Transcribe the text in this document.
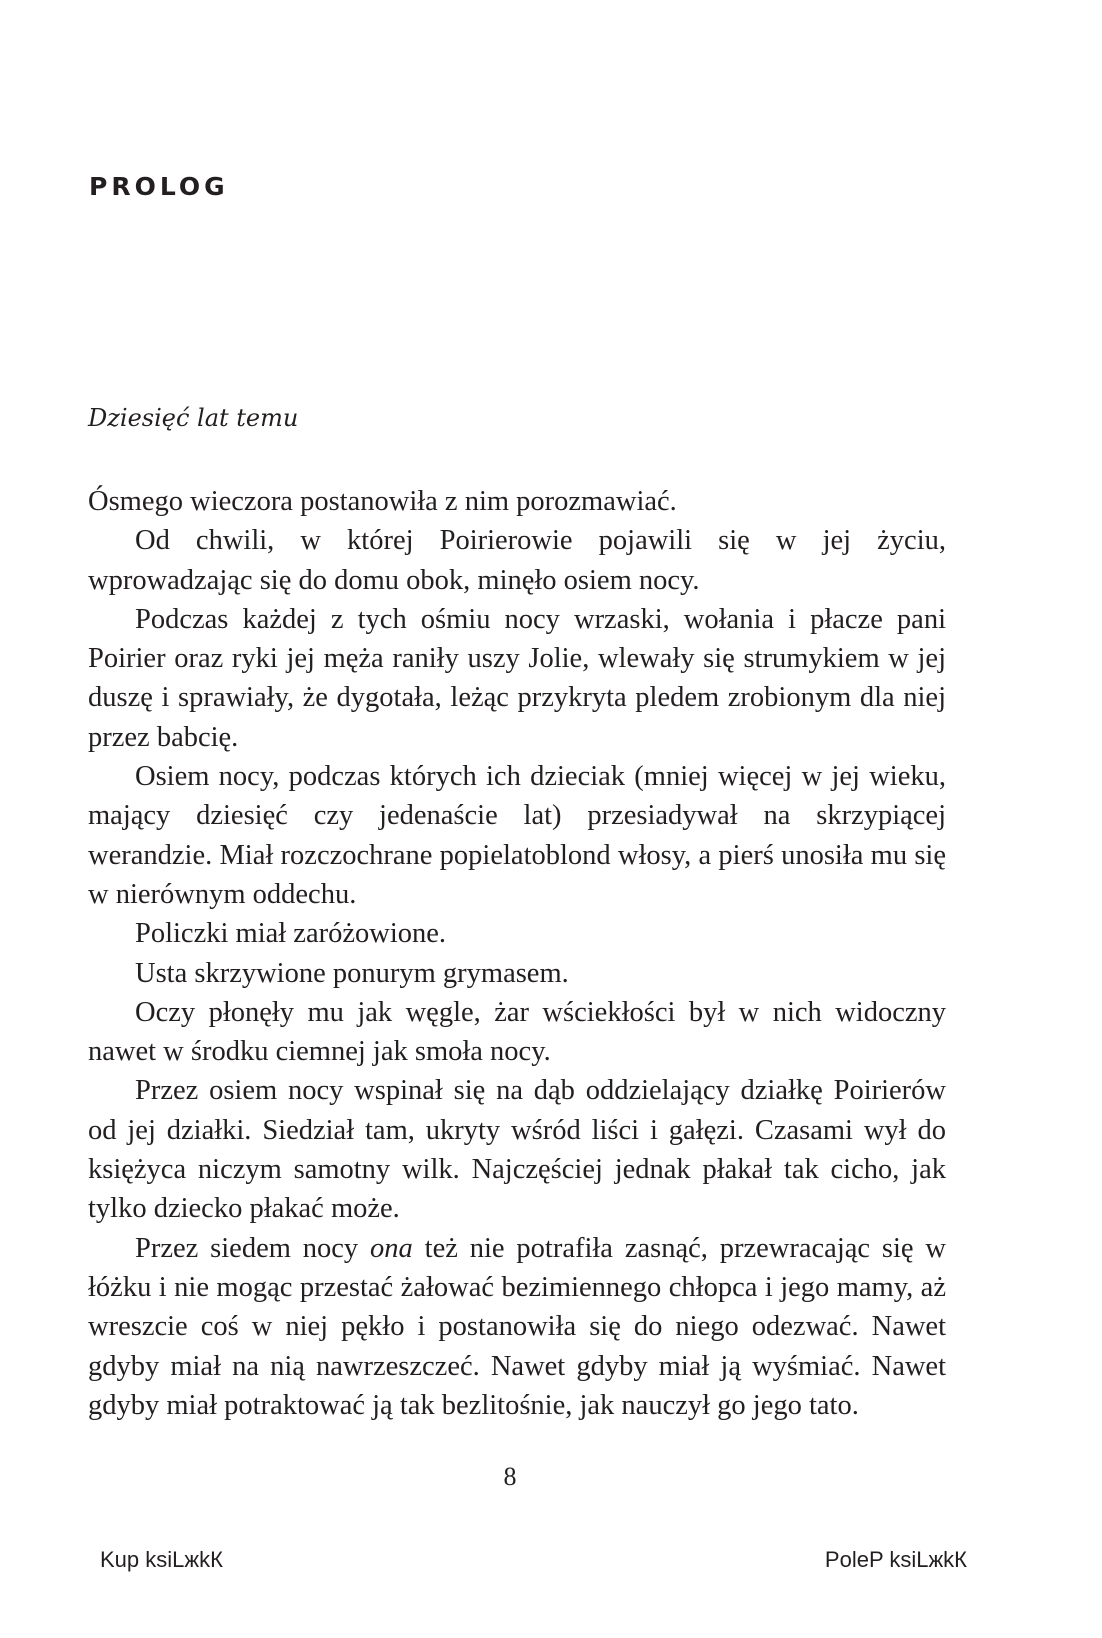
PROLOG

Dziesięć lat temu

Ósmego wieczora postanowiła z nim porozmawiać.

Od chwili, w której Poirierowie pojawili się w jej życiu, wprowadzając się do domu obok, minęło osiem nocy.

Podczas każdej z tych ośmiu nocy wrzaski, wołania i płacze pani Poirier oraz ryki jej męża raniły uszy Jolie, wlewały się strumykiem w jej duszę i sprawiały, że dygotała, leżąc przykryta pledem zrobionym dla niej przez babcię.

Osiem nocy, podczas których ich dzieciak (mniej więcej w jej wieku, mający dziesięć czy jedenaście lat) przesiadywał na skrzypiącej werandzie. Miał rozczochrane popielatoblond włosy, a pierś unosiła mu się w nierównym oddechu.

Policzki miał zaróżowione.

Usta skrzywione ponurym grymasem.

Oczy płonęły mu jak węgle, żar wściekłości był w nich widoczny nawet w środku ciemnej jak smoła nocy.

Przez osiem nocy wspinał się na dąb oddzielający działkę Poirierów od jej działki. Siedział tam, ukryty wśród liści i gałęzi. Czasami wył do księżyca niczym samotny wilk. Najczęściej jednak płakał tak cicho, jak tylko dziecko płakać może.

Przez siedem nocy ona też nie potrafiła zasnąć, przewracając się w łóżku i nie mogąc przestać żałować bezimiennego chłopca i jego mamy, aż wreszcie coś w niej pękło i postanowiła się do niego odezwać. Nawet gdyby miał na nią nawrzeszczeć. Nawet gdyby miał ją wyśmiać. Nawet gdyby miał potraktować ją tak bezlitośnie, jak nauczył go jego tato.

8
Kup ksiLжkК	PoleP ksiLжkК
